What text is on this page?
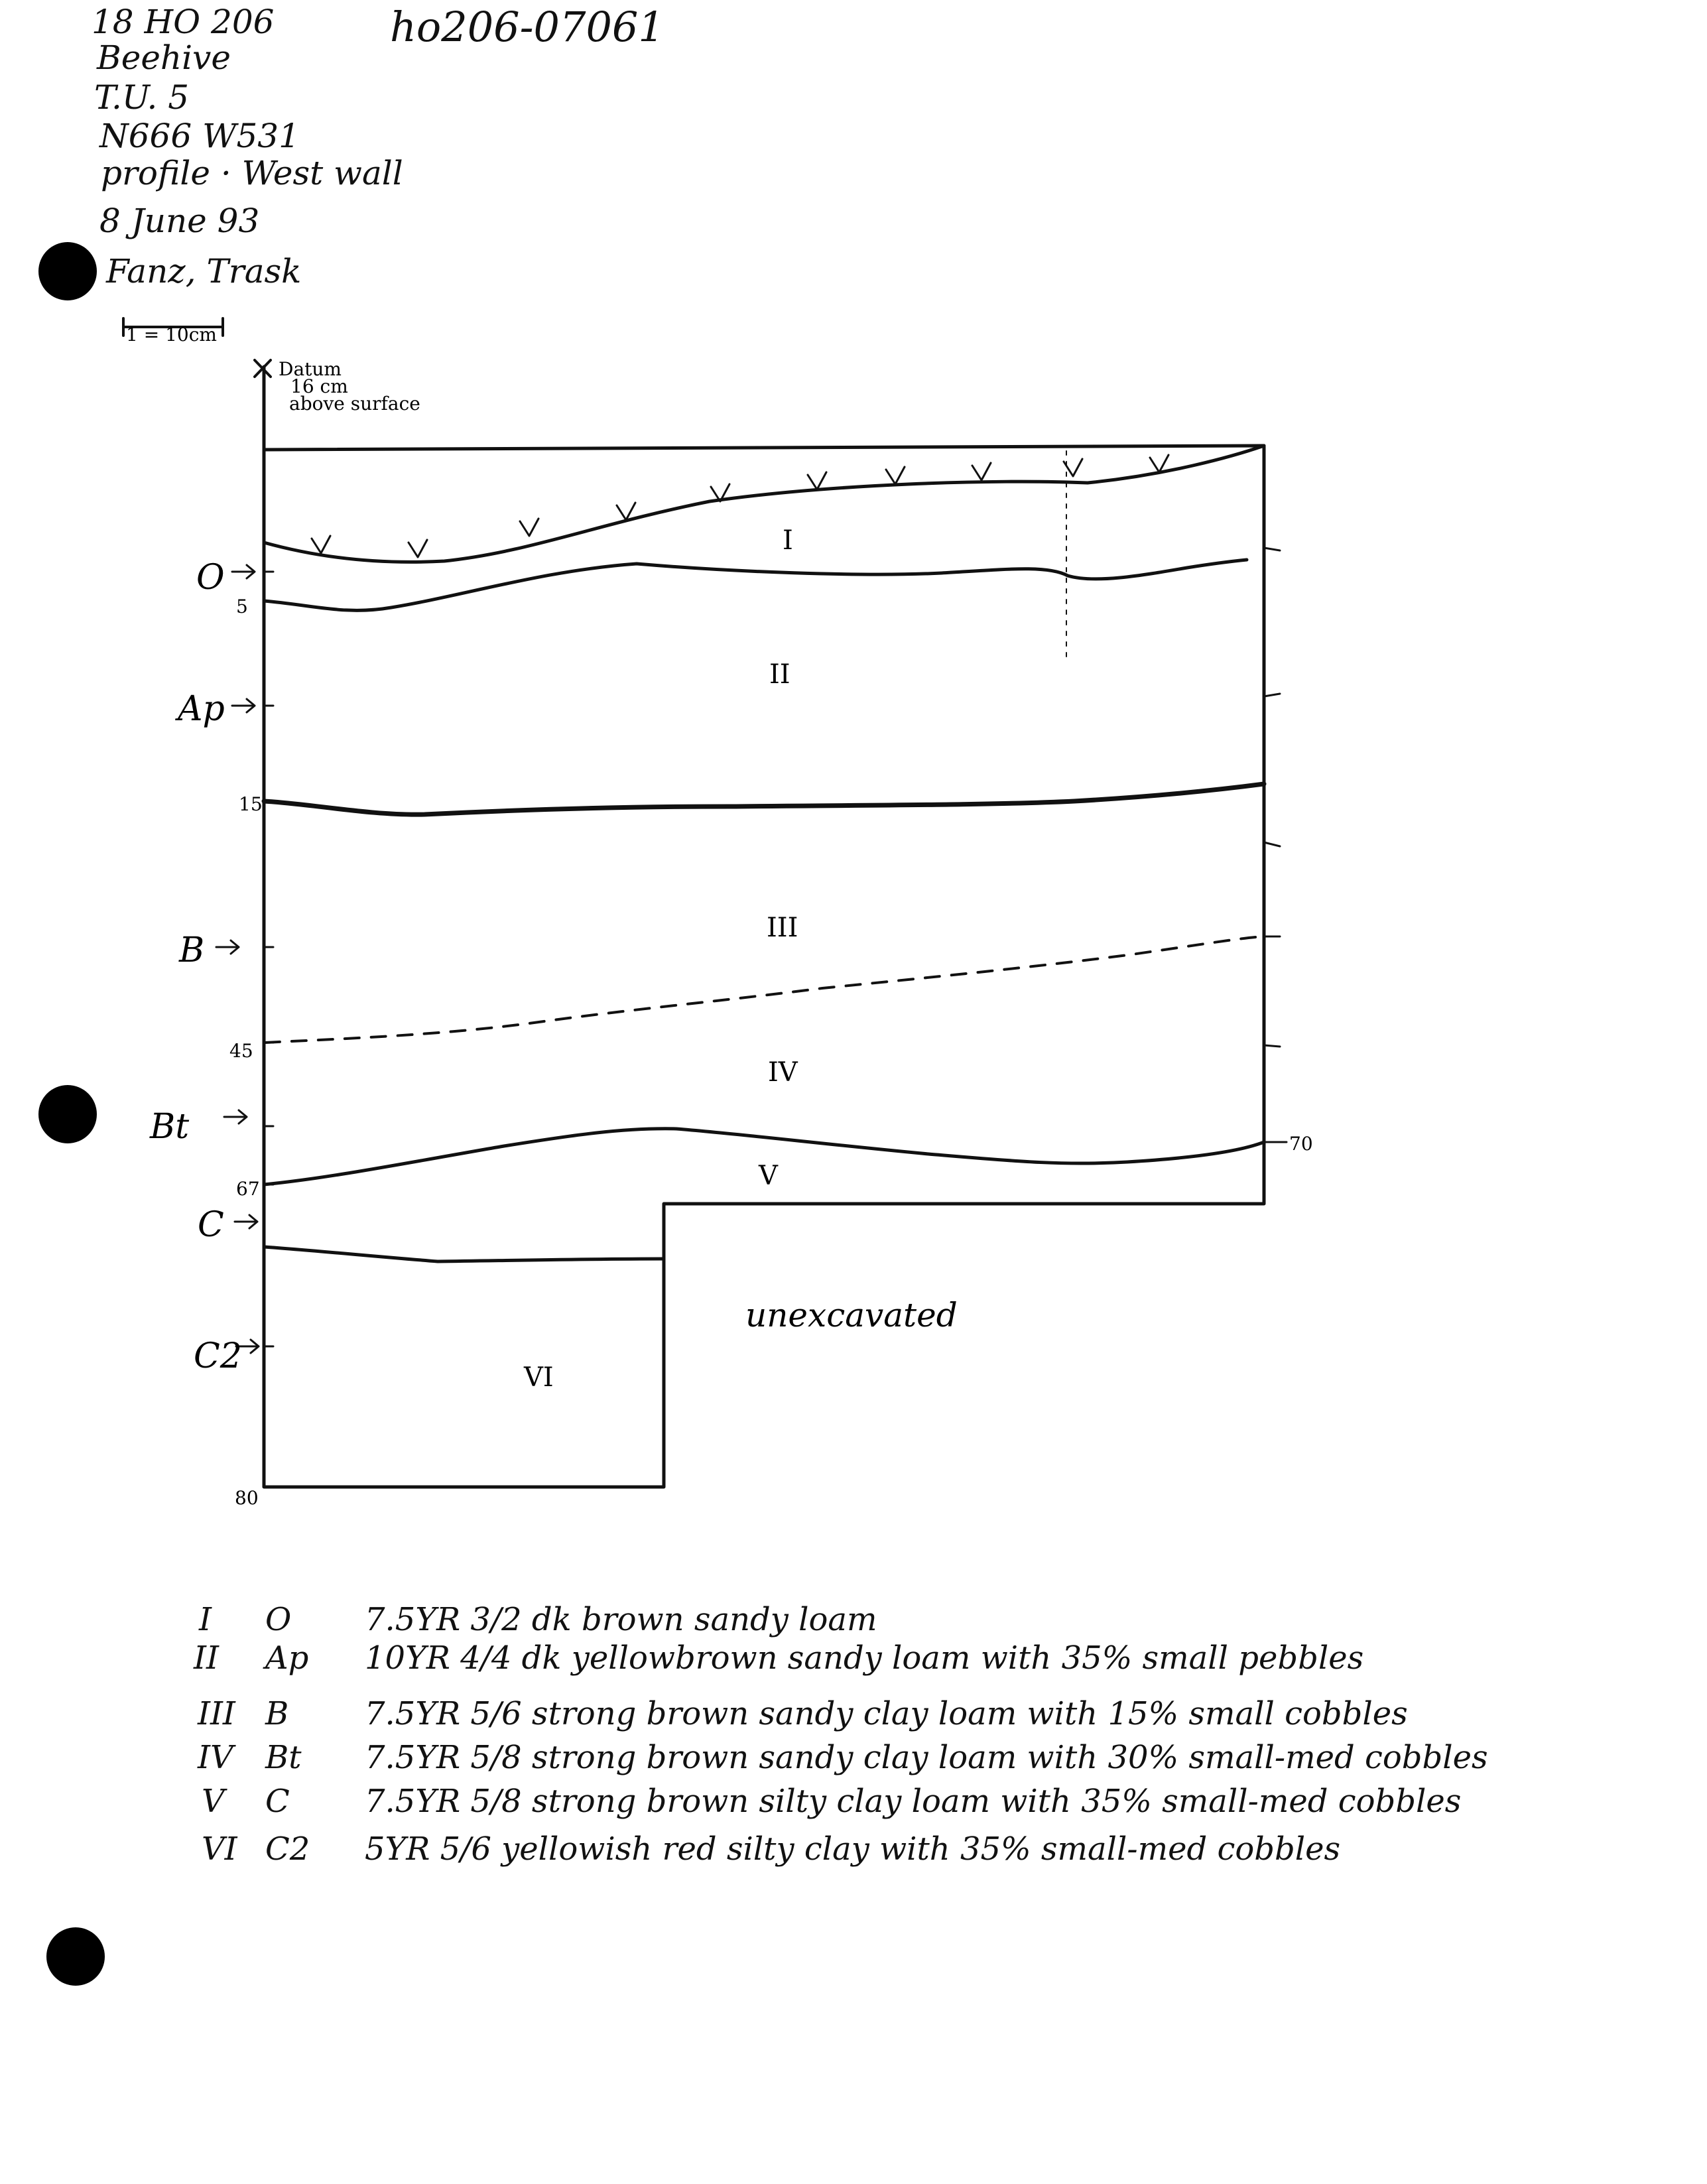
18 HO 206	ho206-07061
Beehive
T.U. 5
N666 W531
profile · West wall
8 June 93
Fanz, Trask
1 = 10cm
Datum
16 cm
above surface
5
15
45
67
80
70
O
Ap
B
Bt
C
C2
I
II
III
IV
V
VI
unexcavated
I O 7.5YR 3/2 dk brown sandy loam
II Ap 10YR 4/4 dk yellowbrown sandy loam with 35% small pebbles
III B 7.5YR 5/6 strong brown sandy clay loam with 15% small cobbles
IV Bt 7.5YR 5/8 strong brown sandy clay loam with 30% small-med cobbles
V C 7.5YR 5/8 strong brown silty clay loam with 35% small-med cobbles
VI C2 5YR 5/6 yellowish red silty clay with 35% small-med cobbles
